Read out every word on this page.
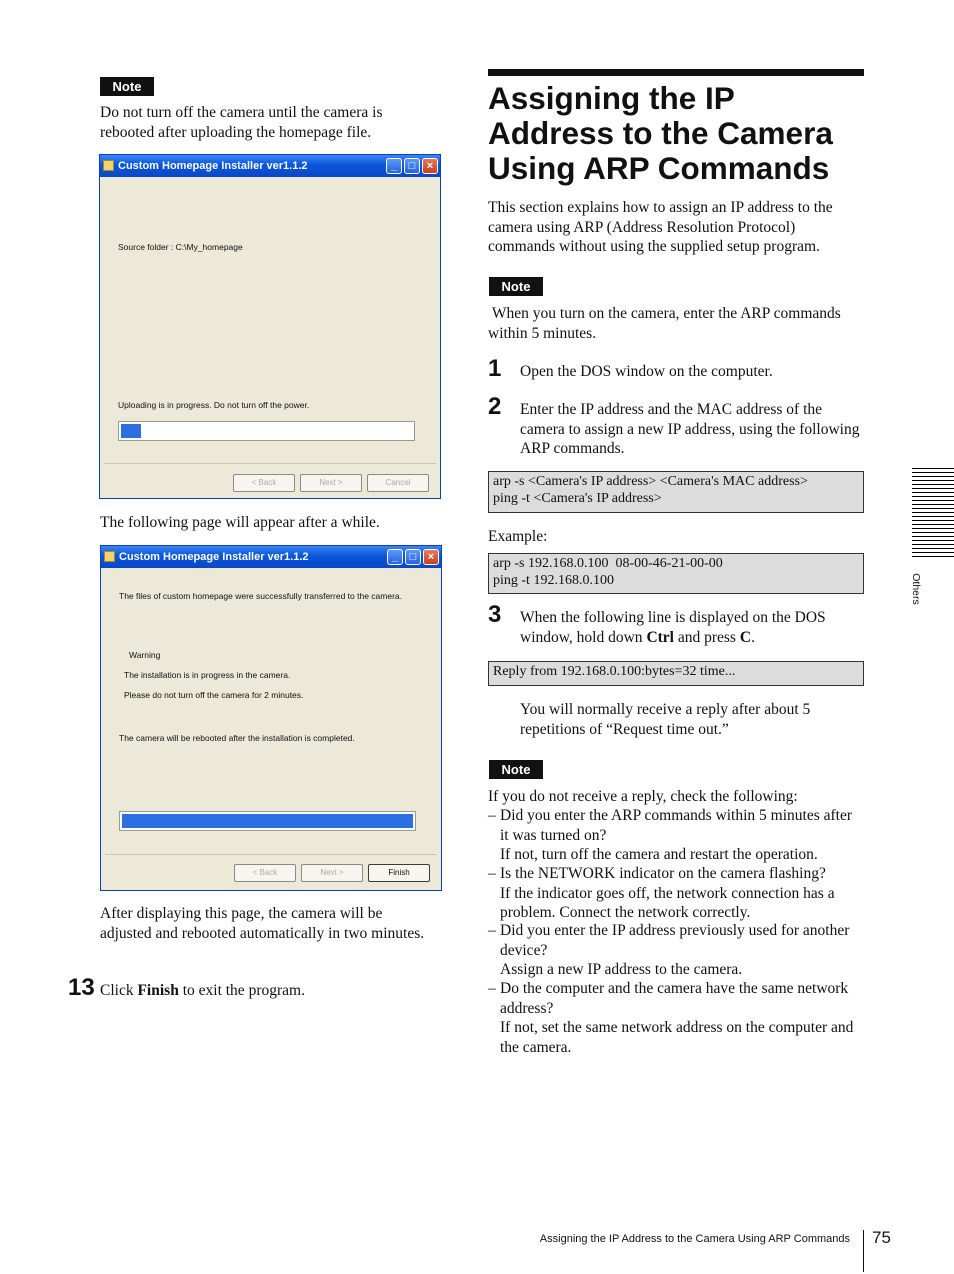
Note
Do not turn off the camera until the camera is rebooted after uploading the homepage file.
Custom Homepage Installer ver1.1.2	_	□	×
Source folder : C:\My_homepage
Uploading is in progress. Do not turn off the power.
< Back	Next >	Cancel
The following page will appear after a while.
Custom Homepage Installer ver1.1.2	_	□	×
The files of custom homepage were successfully transferred to the camera.
Warning
The installation is in progress in the camera.
Please do not turn off the camera for 2 minutes.
The camera will be rebooted after the installation is completed.
< Back	Next >	Finish
After displaying this page, the camera will be adjusted and rebooted automatically in two minutes.
13 Click Finish to exit the program.
Assigning the IP
Address to the Camera
Using ARP Commands
This section explains how to assign an IP address to the camera using ARP (Address Resolution Protocol) commands without using the supplied setup program.
Note
When you turn on the camera, enter the ARP commands within 5 minutes.
1 Open the DOS window on the computer.
2 Enter the IP address and the MAC address of the camera to assign a new IP address, using the following ARP commands.
arp -s <Camera's IP address> <Camera's MAC address>
ping -t <Camera's IP address>
Example:
arp -s 192.168.0.100  08-00-46-21-00-00
ping -t 192.168.0.100
3 When the following line is displayed on the DOS window, hold down Ctrl and press C.
Reply from 192.168.0.100:bytes=32 time...
You will normally receive a reply after about 5 repetitions of “Request time out.”
Note
If you do not receive a reply, check the following:
– Did you enter the ARP commands within 5 minutes after it was turned on?
If not, turn off the camera and restart the operation.
– Is the NETWORK indicator on the camera flashing?
If the indicator goes off, the network connection has a problem. Connect the network correctly.
– Did you enter the IP address previously used for another device?
Assign a new IP address to the camera.
– Do the computer and the camera have the same network address?
If not, set the same network address on the computer and the camera.
Others
Assigning the IP Address to the Camera Using ARP Commands 75
